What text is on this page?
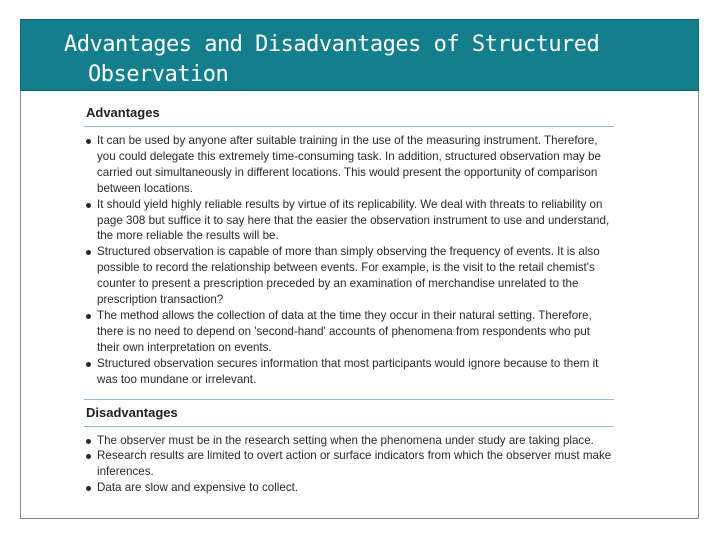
Advantages and Disadvantages of Structured
Observation
Advantages
It can be used by anyone after suitable training in the use of the measuring instrument. Therefore, you could delegate this extremely time-consuming task. In addition, structured observation may be carried out simultaneously in different locations. This would present the opportunity of comparison between locations.
It should yield highly reliable results by virtue of its replicability. We deal with threats to reliability on page 308 but suffice it to say here that the easier the observation instrument to use and understand, the more reliable the results will be.
Structured observation is capable of more than simply observing the frequency of events. It is also possible to record the relationship between events. For example, is the visit to the retail chemist's counter to present a prescription preceded by an examination of merchandise unrelated to the prescription transaction?
The method allows the collection of data at the time they occur in their natural setting. Therefore, there is no need to depend on 'second-hand' accounts of phenomena from respondents who put their own interpretation on events.
Structured observation secures information that most participants would ignore because to them it was too mundane or irrelevant.
Disadvantages
The observer must be in the research setting when the phenomena under study are taking place.
Research results are limited to overt action or surface indicators from which the observer must make inferences.
Data are slow and expensive to collect.
